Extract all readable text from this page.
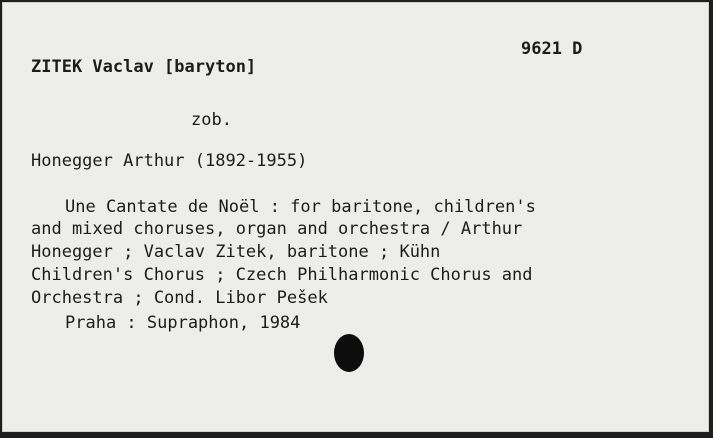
9621 D
ZITEK Vaclav [baryton]
zob.
Honegger Arthur (1892-1955)
Une Cantate de Noël : for baritone, children's
and mixed choruses, organ and orchestra / Arthur
Honegger ; Vaclav Zitek, baritone ; Kühn
Children's Chorus ; Czech Philharmonic Chorus and
Orchestra ; Cond. Libor Pešek
Praha : Supraphon, 1984
